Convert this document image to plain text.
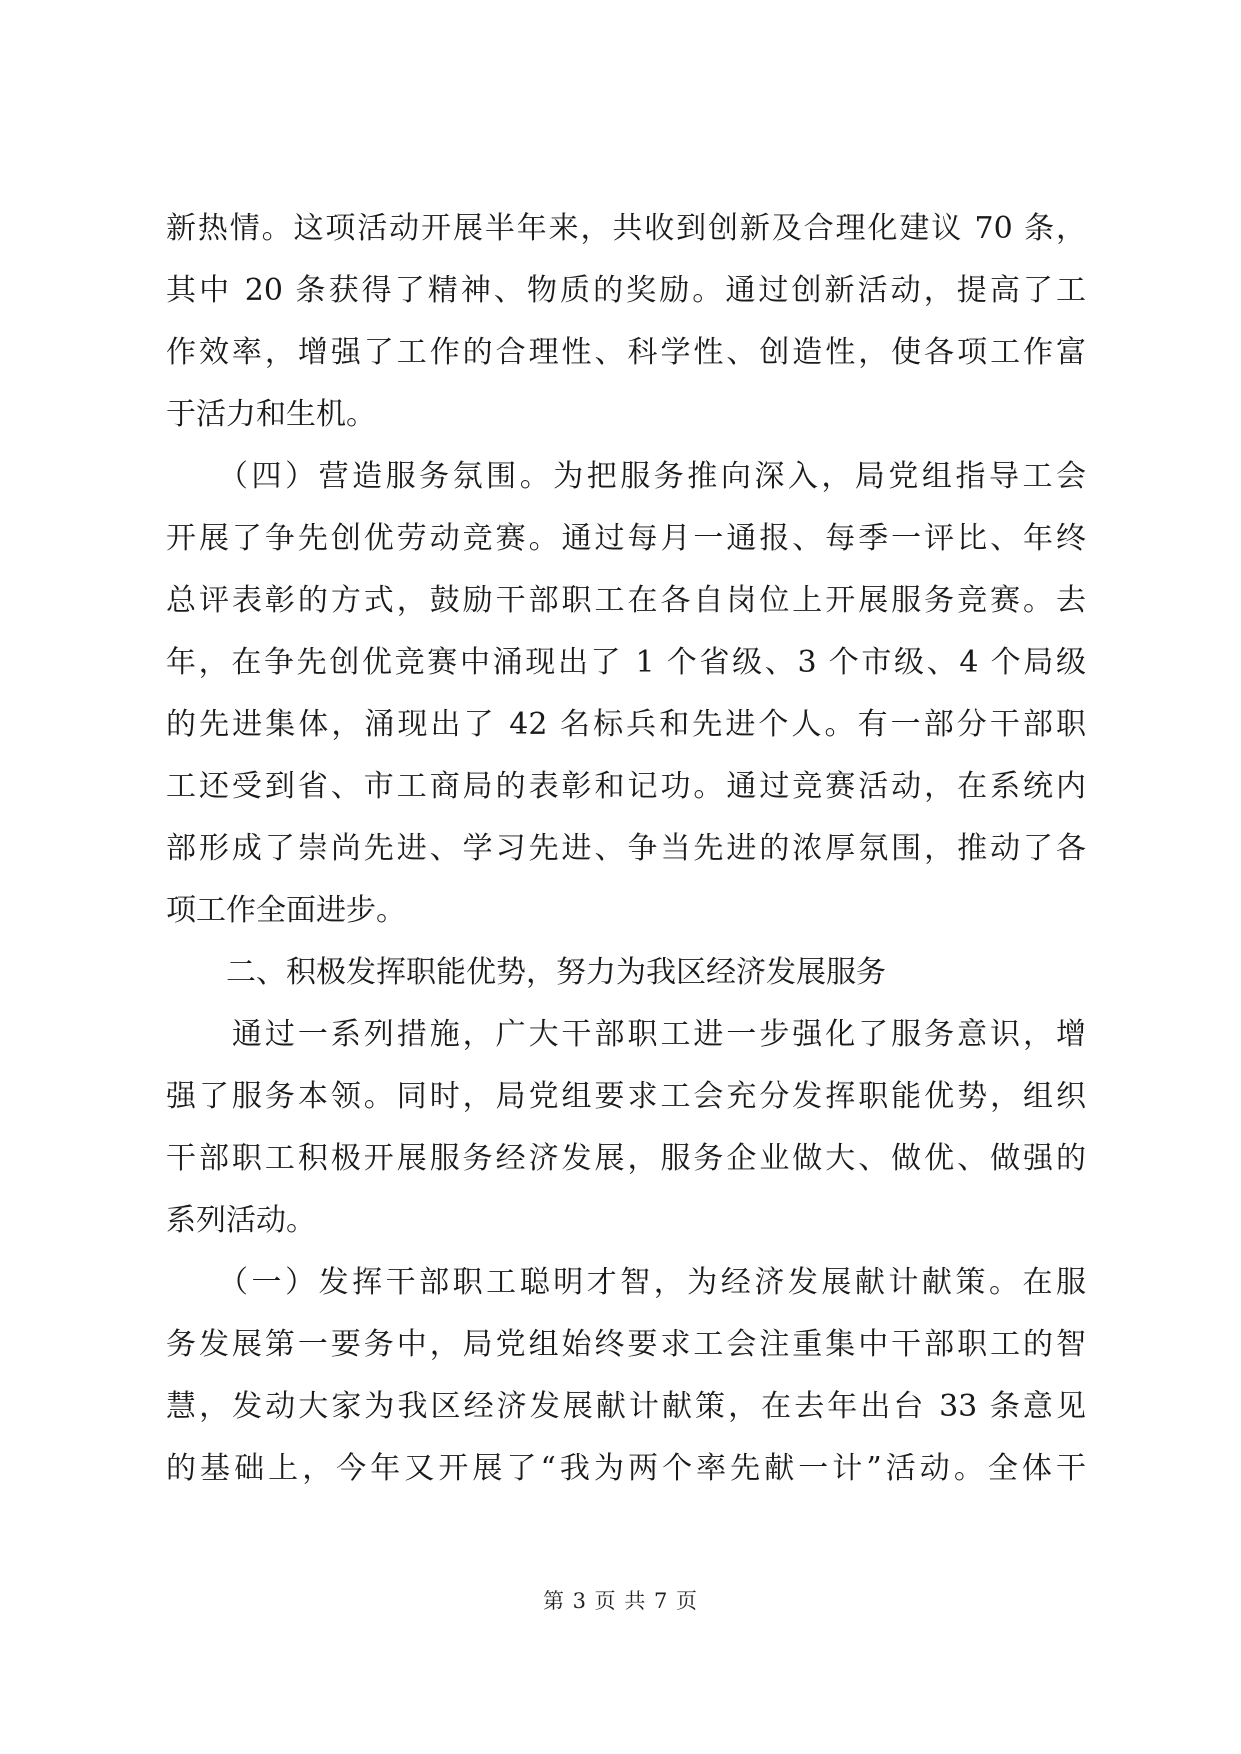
新热情。这项活动开展半年来，共收到创新及合理化建议 70 条，
其中 20 条获得了精神、物质的奖励。通过创新活动，提高了工
作效率，增强了工作的合理性、科学性、创造性，使各项工作富
于活力和生机。
　　（四）营造服务氛围。为把服务推向深入，局党组指导工会
开展了争先创优劳动竞赛。通过每月一通报、每季一评比、年终
总评表彰的方式，鼓励干部职工在各自岗位上开展服务竞赛。去
年，在争先创优竞赛中涌现出了 1 个省级、3 个市级、4 个局级
的先进集体，涌现出了 42 名标兵和先进个人。有一部分干部职
工还受到省、市工商局的表彰和记功。通过竞赛活动，在系统内
部形成了崇尚先进、学习先进、争当先进的浓厚氛围，推动了各
项工作全面进步。
　　二、积极发挥职能优势，努力为我区经济发展服务
　　通过一系列措施，广大干部职工进一步强化了服务意识，增
强了服务本领。同时，局党组要求工会充分发挥职能优势，组织
干部职工积极开展服务经济发展，服务企业做大、做优、做强的
系列活动。
　　（一）发挥干部职工聪明才智，为经济发展献计献策。在服
务发展第一要务中，局党组始终要求工会注重集中干部职工的智
慧，发动大家为我区经济发展献计献策，在去年出台 33 条意见
的基础上，今年又开展了“我为两个率先献一计”活动。全体干
第 3 页 共 7 页
